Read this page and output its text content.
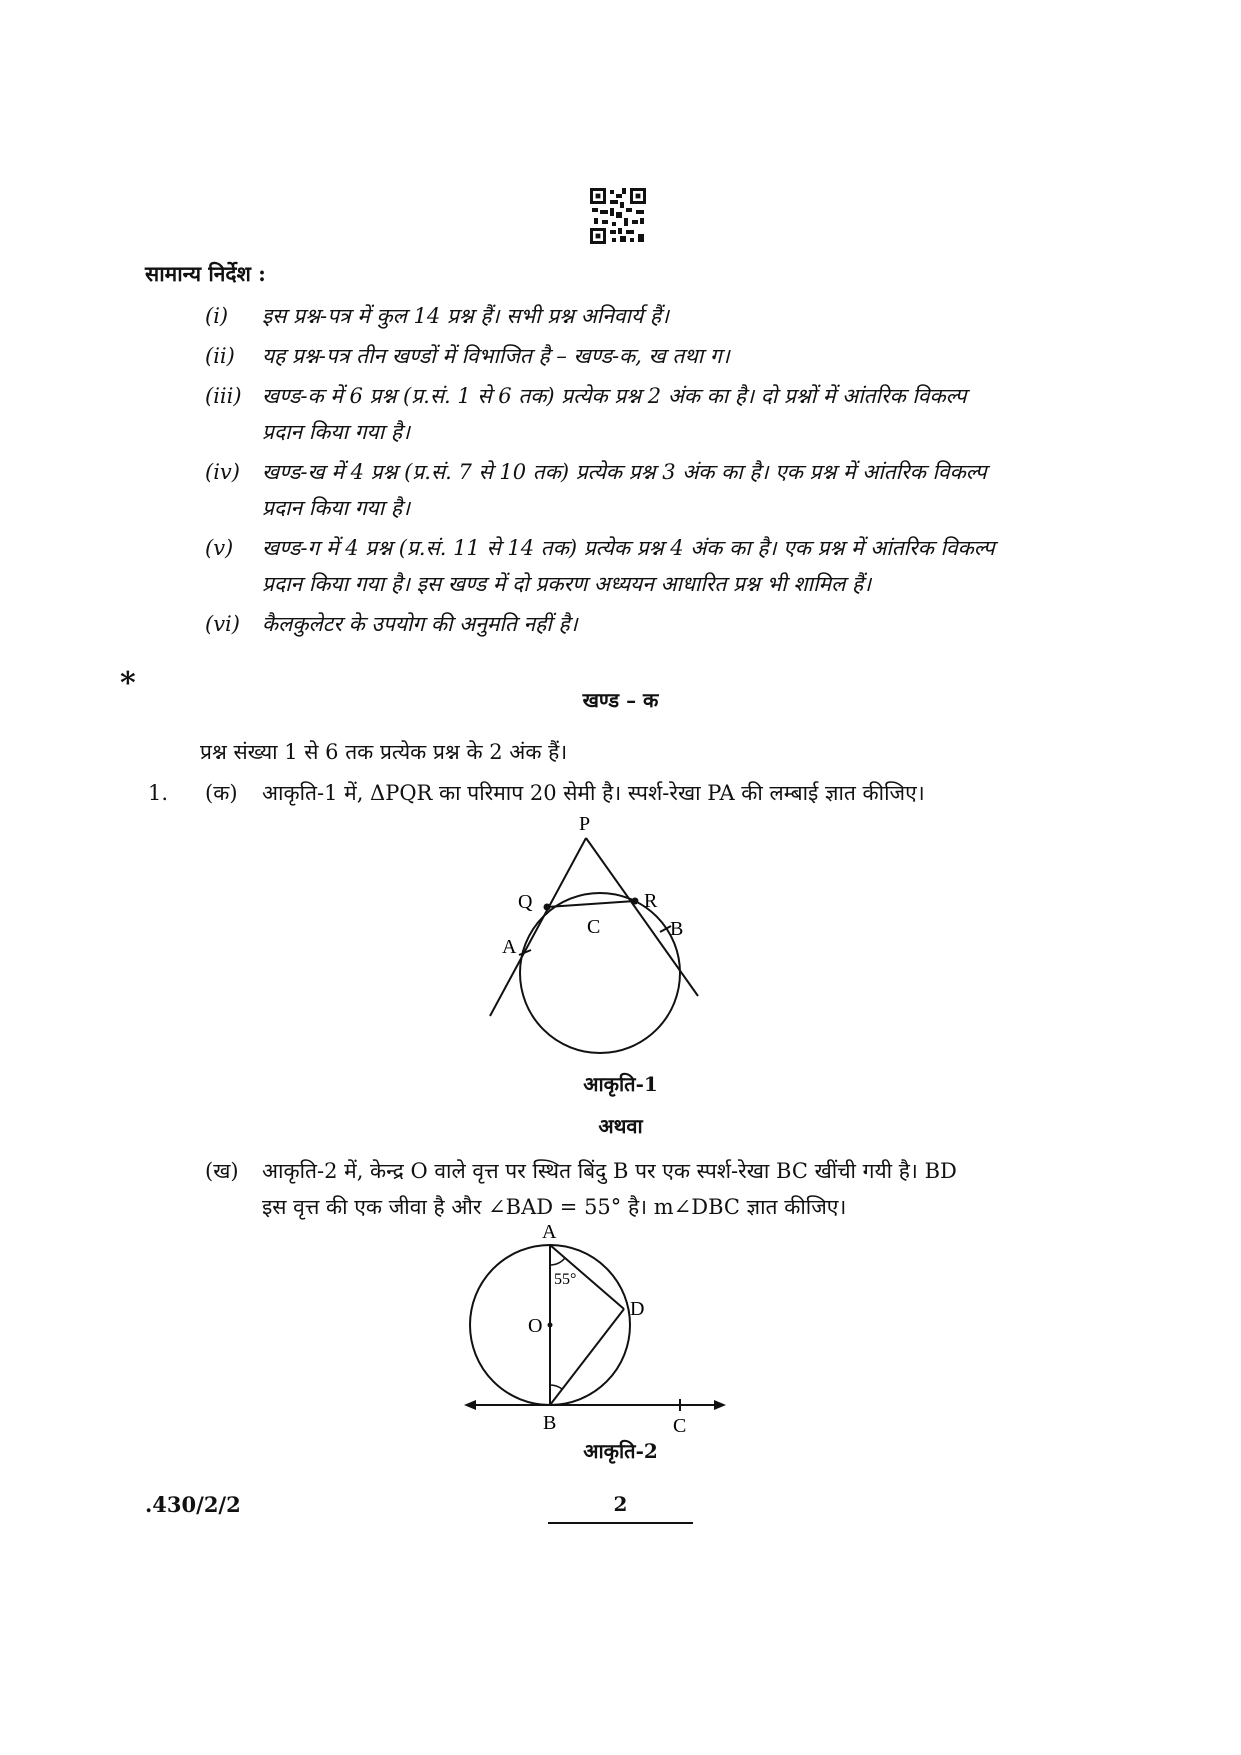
सामान्य निर्देश :
(i) इस प्रश्न-पत्र में कुल 14 प्रश्न हैं। सभी प्रश्न अनिवार्य हैं।
(ii) यह प्रश्न-पत्र तीन खण्डों में विभाजित है – खण्ड-क, ख तथा ग।
(iii) खण्ड-क में 6 प्रश्न (प्र.सं. 1 से 6 तक) प्रत्येक प्रश्न 2 अंक का है। दो प्रश्नों में आंतरिक विकल्प
प्रदान किया गया है।
(iv) खण्ड-ख में 4 प्रश्न (प्र.सं. 7 से 10 तक) प्रत्येक प्रश्न 3 अंक का है। एक प्रश्न में आंतरिक विकल्प
प्रदान किया गया है।
(v) खण्ड-ग में 4 प्रश्न (प्र.सं. 11 से 14 तक) प्रत्येक प्रश्न 4 अंक का है। एक प्रश्न में आंतरिक विकल्प
प्रदान किया गया है। इस खण्ड में दो प्रकरण अध्ययन आधारित प्रश्न भी शामिल हैं।
(vi) कैलकुलेटर के उपयोग की अनुमति नहीं है।
*	खण्ड – क
प्रश्न संख्या 1 से 6 तक प्रत्येक प्रश्न के 2 अंक हैं।
1. (क) आकृति-1 में, ΔPQR का परिमाप 20 सेमी है। स्पर्श-रेखा PA की लम्बाई ज्ञात कीजिए।
P
Q	R
C
A
B
आकृति-1
अथवा
(ख) आकृति-2 में, केन्द्र O वाले वृत्त पर स्थित बिंदु B पर एक स्पर्श-रेखा BC खींची गयी है। BD
इस वृत्त की एक जीवा है और ∠BAD = 55° है। m∠DBC ज्ञात कीजिए।
A
55°
D
O
B	C
आकृति-2
.430/2/2	2
